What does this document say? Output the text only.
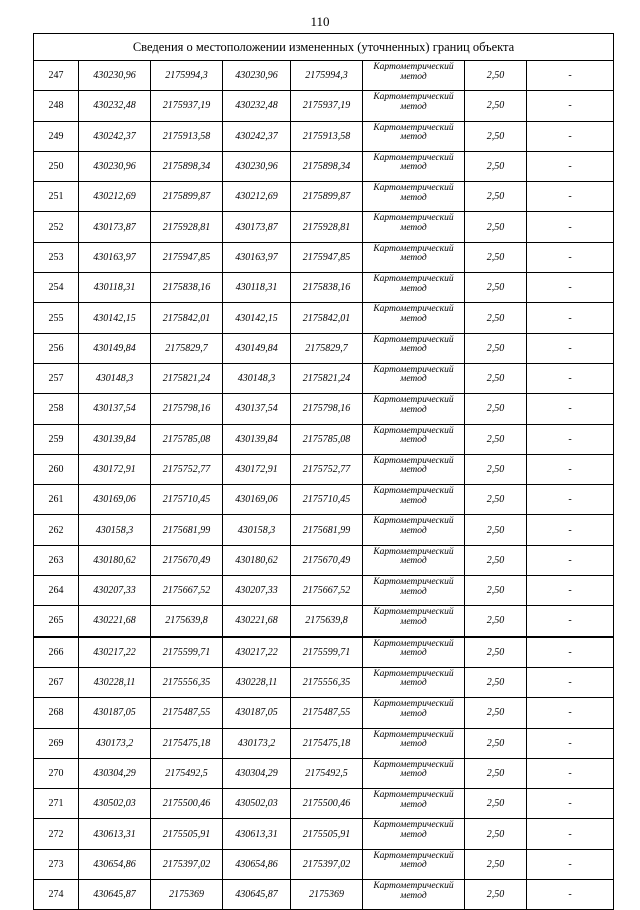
110
Сведения о местоположении измененных (уточненных) границ объекта							
247	430230,96	2175994,3	430230,96	2175994,3	Картометрический метод	2,50	-
248	430232,48	2175937,19	430232,48	2175937,19	Картометрический метод	2,50	-
249	430242,37	2175913,58	430242,37	2175913,58	Картометрический метод	2,50	-
250	430230,96	2175898,34	430230,96	2175898,34	Картометрический метод	2,50	-
251	430212,69	2175899,87	430212,69	2175899,87	Картометрический метод	2,50	-
252	430173,87	2175928,81	430173,87	2175928,81	Картометрический метод	2,50	-
253	430163,97	2175947,85	430163,97	2175947,85	Картометрический метод	2,50	-
254	430118,31	2175838,16	430118,31	2175838,16	Картометрический метод	2,50	-
255	430142,15	2175842,01	430142,15	2175842,01	Картометрический метод	2,50	-
256	430149,84	2175829,7	430149,84	2175829,7	Картометрический метод	2,50	-
257	430148,3	2175821,24	430148,3	2175821,24	Картометрический метод	2,50	-
258	430137,54	2175798,16	430137,54	2175798,16	Картометрический метод	2,50	-
259	430139,84	2175785,08	430139,84	2175785,08	Картометрический метод	2,50	-
260	430172,91	2175752,77	430172,91	2175752,77	Картометрический метод	2,50	-
261	430169,06	2175710,45	430169,06	2175710,45	Картометрический метод	2,50	-
262	430158,3	2175681,99	430158,3	2175681,99	Картометрический метод	2,50	-
263	430180,62	2175670,49	430180,62	2175670,49	Картометрический метод	2,50	-
264	430207,33	2175667,52	430207,33	2175667,52	Картометрический метод	2,50	-
265	430221,68	2175639,8	430221,68	2175639,8	Картометрический метод	2,50	-
266	430217,22	2175599,71	430217,22	2175599,71	Картометрический метод	2,50	-
267	430228,11	2175556,35	430228,11	2175556,35	Картометрический метод	2,50	-
268	430187,05	2175487,55	430187,05	2175487,55	Картометрический метод	2,50	-
269	430173,2	2175475,18	430173,2	2175475,18	Картометрический метод	2,50	-
270	430304,29	2175492,5	430304,29	2175492,5	Картометрический метод	2,50	-
271	430502,03	2175500,46	430502,03	2175500,46	Картометрический метод	2,50	-
272	430613,31	2175505,91	430613,31	2175505,91	Картометрический метод	2,50	-
273	430654,86	2175397,02	430654,86	2175397,02	Картометрический метод	2,50	-
274	430645,87	2175369	430645,87	2175369	Картометрический метод	2,50	-
